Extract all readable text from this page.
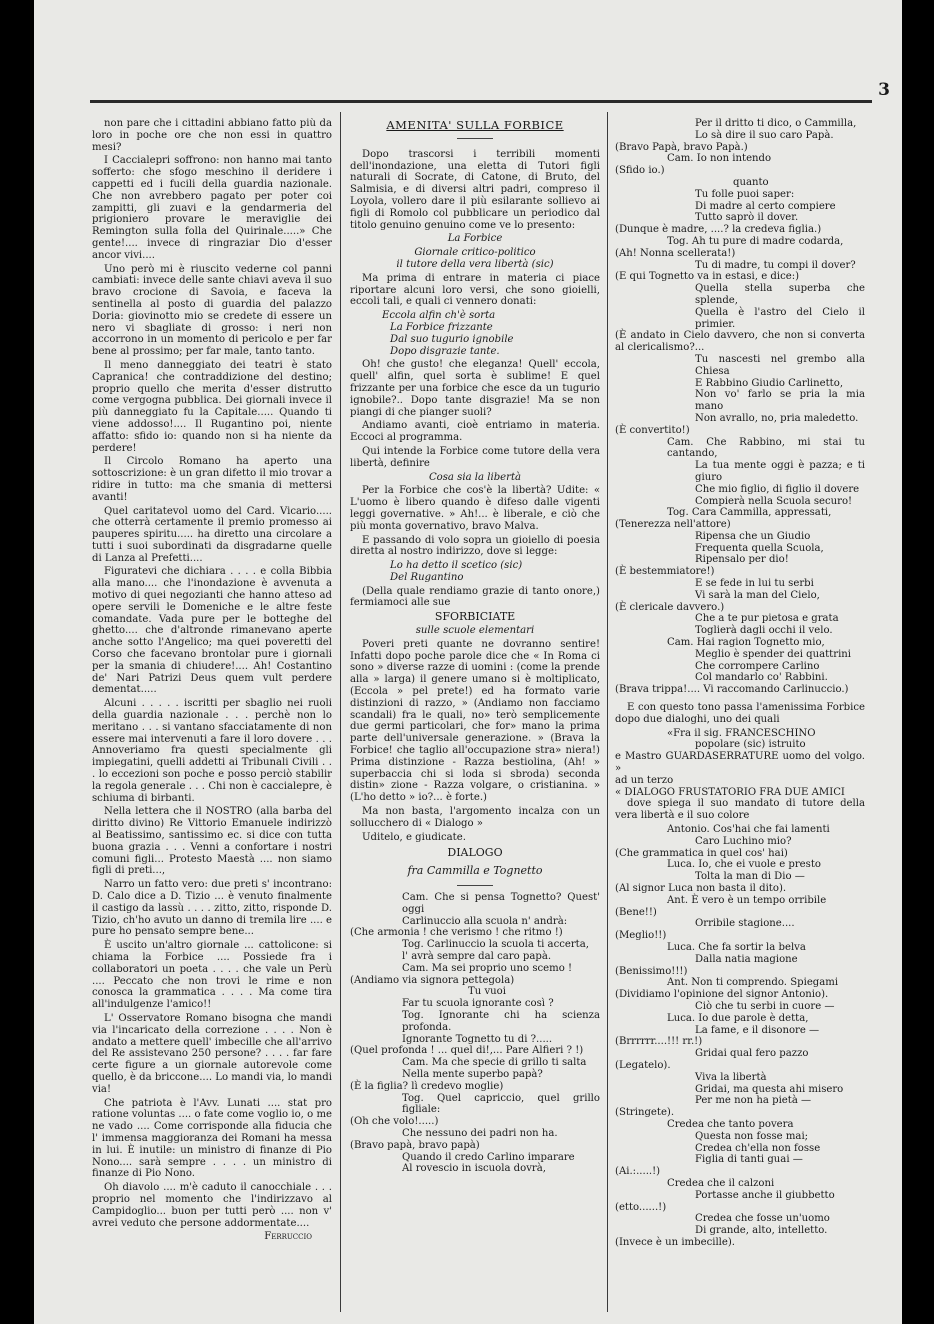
3

non pare che i cittadini abbiano fatto più da loro in poche ore che non essi in quattro mesi?

I Caccialepri soffrono: non hanno mai tanto sofferto: che sfogo meschino il deridere i cappetti ed i fucili della guardia nazionale. Che non avrebbero pagato per poter coi zampitti, gli zuavi e la gendarmeria del prigioniero provare le meraviglie dei Remington sulla folla del Quirinale.....» Che gente!.... invece di ringraziar Dio d'esser ancor vivi....

Uno però mi è riuscito vederne col panni cambiati: invece delle sante chiavi aveva il suo bravo crocione di Savoia, e faceva la sentinella al posto di guardia del palazzo Doria: giovinotto mio se credete di essere un nero vi sbagliate di grosso: i neri non accorrono in un momento di pericolo e per far bene al prossimo; per far male, tanto tanto.

Il meno danneggiato dei teatri è stato Capranica! che contraddizione del destino; proprio quello che merita d'esser distrutto come vergogna pubblica. Dei giornali invece il più danneggiato fu la Capitale..... Quando ti viene addosso!.... Il Rugantino poi, niente affatto: sfido io: quando non si ha niente da perdere!

Il Circolo Romano ha aperto una sottoscrizione: è un gran difetto il mio trovar a ridire in tutto: ma che smania di mettersi avanti!

Quel caritatevol uomo del Card. Vicario..... che otterrà certamente il premio promesso ai pauperes spiritu..... ha diretto una circolare a tutti i suoi subordinati da disgradarne quelle di Lanza al Prefetti....

Figuratevi che dichiara . . . . e colla Bibbia alla mano.... che l'inondazione è avvenuta a motivo di quei negozianti che hanno atteso ad opere servili le Domeniche e le altre feste comandate. Vada pure per le botteghe del ghetto.... che d'altronde rimanevano aperte anche sotto l'Angelico; ma quei poveretti del Corso che facevano brontolar pure i giornali per la smania di chiudere!.... Ah! Costantino de' Nari Patrizi Deus quem vult perdere dementat.....

Alcuni . . . . . iscritti per sbaglio nei ruoli della guardia nazionale . . . perchè non lo meritano . . . si vantano sfacciatamente di non essere mai intervenuti a fare il loro dovere . . . Annoveriamo fra questi specialmente gli impiegatini, quelli addetti ai Tribunali Civili . . . lo eccezioni son poche e posso perciò stabilir la regola generale . . . Chi non è caccialepre, è schiuma di birbanti.

Nella lettera che il NOSTRO (alla barba del diritto divino) Re Vittorio Emanuele indirizzò al Beatissimo, santissimo ec. si dice con tutta buona grazia . . . Venni a confortare i nostri comuni figli... Protesto Maestà .... non siamo figli di preti...,

Narro un fatto vero: due preti s' incontrano: D. Calo dice a D. Tizio ... è venuto finalmente il castigo da lassù . . . . zitto, zitto, risponde D. Tizio, ch'ho avuto un danno di tremila lire .... e pure ho pensato sempre bene...

È uscito un'altro giornale ... cattolicone: si chiama la Forbice .... Possiede fra i collaboratori un poeta . . . . che vale un Perù .... Peccato che non trovi le rime e non conosca la grammatica . . . . Ma come tira all'indulgenze l'amico!!

L' Osservatore Romano bisogna che mandi via l'incaricato della correzione . . . . Non è andato a mettere quell' imbecille che all'arrivo del Re assistevano 250 persone? . . . . far fare certe figure a un giornale autorevole come quello, è da briccone.... Lo mandi via, lo mandi via!

Che patriota è l'Avv. Lunati .... stat pro ratione voluntas .... o fate come voglio io, o me ne vado .... Come corrisponde alla fiducia che l' immensa maggioranza dei Romani ha messa in lui. È inutile: un ministro di finanze di Pio Nono.... sarà sempre . . . . un ministro di finanze di Pio Nono.

Oh diavolo .... m'è caduto il canocchiale . . . proprio nel momento che l'indirizzavo al Campidoglio... buon per tutti però .... non v' avrei veduto che persone addormentate....

Ferruccio

AMENITA' SULLA FORBICE

Dopo trascorsi i terribili momenti dell'inondazione, una eletta di Tutori figli naturali di Socrate, di Catone, di Bruto, del Salmisia, e di diversi altri padri, compreso il Loyola, vollero dare il più esilarante sollievo ai figli di Romolo col pubblicare un periodico dal titolo genuino genuino come ve lo presento:

La Forbice

Giornale critico-politico

il tutore della vera libertà (sic)

Ma prima di entrare in materia ci piace riportare alcuni loro versi, che sono gioielli, eccoli tali, e quali ci vennero donati:

Eccola alfin ch'è sorta

La Forbice frizzante

Dal suo tugurio ignobile

Dopo disgrazie tante.

Oh! che gusto! che eleganza! Quell' eccola, quell' alfin, quel sorta è sublime! E quel frizzante per una forbice che esce da un tugurio ignobile?.. Dopo tante disgrazie! Ma se non piangi di che pianger suoli?

Andiamo avanti, cioè entriamo in materia. Eccoci al programma.

Qui intende la Forbice come tutore della vera libertà, definire

Cosa sia la libertà

Per la Forbice che cos'è la libertà? Udite: « L'uomo è libero quando è difeso dalle vigenti leggi governative. » Ah!... è liberale, e ciò che più monta governativo, bravo Malva.

E passando di volo sopra un gioiello di poesia diretta al nostro indirizzo, dove si legge:

Lo ha detto il scetico (sic)

Del Rugantino

(Della quale rendiamo grazie di tanto onore,) fermiamoci alle sue

SFORBICIATE

sulle scuole elementari

Poveri preti quante ne dovranno sentire! Infatti dopo poche parole dice che « In Roma ci sono » diverse razze di uomini : (come la prende alla » larga) il genere umano si è moltiplicato, (Eccola » pel prete!) ed ha formato varie distinzioni di razzo, » (Andiamo non facciamo scandali) fra le quali, no» terò semplicemente due germi particolari, che for» mano la prima parte dell'universale generazione. » (Brava la Forbice! che taglio all'occupazione stra» niera!) Prima distinzione - Razza bestiolina, (Ah! » superbaccia chi si loda si sbroda) seconda distin» zione - Razza volgare, o cristianina. » (L'ho detto » io?... è forte.)

Ma non basta, l'argomento incalza con un sollucchero di « Dialogo »

Uditelo, e giudicate.

DIALOGO

fra Cammilla e Tognetto

Cam. Che si pensa Tognetto? Quest' oggi

Carlinuccio alla scuola n' andrà:

(Che armonia ! che verismo ! che ritmo !)

Tog. Carlinuccio la scuola ti accerta,

l' avrà sempre dal caro papà.

Cam. Ma sei proprio uno scemo !

(Andiamo via signora pettegola)

Tu vuoi

Far tu scuola ignorante così ?

Tog. Ignorante chi ha scienza profonda.

Ignorante Tognetto tu di ?.....

(Quel profonda ! ... quel di!,... Pare Alfieri ? !)

Cam. Ma che specie di grillo ti salta

Nella mente superbo papà?

(È la figlia? lì credevo moglie)

Tog. Quel capriccio, quel grillo figliale:

(Oh che volo!.....)

Che nessuno dei padri non ha.

(Bravo papà, bravo papà)

Quando il credo Carlino imparare

Al rovescio in iscuola dovrà,

Per il dritto ti dico, o Cammilla,

Lo sà dire il suo caro Papà.

(Bravo Papà, bravo Papà.)

Cam. Io non intendo

(Sfido io.)

quanto

Tu folle puoi saper:

Di madre al certo compiere

Tutto saprò il dover.

(Dunque è madre, ....? la credeva figlia.)

Tog. Ah tu pure di madre codarda,

(Ah! Nonna scellerata!)

Tu di madre, tu compi il dover?

(E qui Tognetto va in estasi, e dice:)

Quella stella superba che splende,

Quella è l'astro del Cielo il primier.

(È andato in Cielo davvero, che non si converta al clericalismo?...

Tu nascesti nel grembo alla Chiesa

E Rabbino Giudio Carlinetto,

Non vo' farlo se pria la mia mano

Non avrallo, no, pria maledetto.

(È convertito!)

Cam. Che Rabbino, mi stai tu cantando,

La tua mente oggi è pazza; e ti giuro

Che mio figlio, di figlio il dovere

Compierà nella Scuola securo!

Tog. Cara Cammilla, appressati,

(Tenerezza nell'attore)

Ripensa che un Giudio

Frequenta quella Scuola,

Ripensalo per dio!

(È bestemmiatore!)

E se fede in lui tu serbi

Vi sarà la man del Cielo,

(È clericale davvero.)

Che a te pur pietosa e grata

Toglierà dagli occhi il velo.

Cam. Hai ragion Tognetto mio,

Meglio è spender dei quattrini

Che corrompere Carlino

Col mandarlo co' Rabbini.

(Brava trippa!.... Vi raccomando Carlinuccio.)

E con questo tono passa l'amenissima Forbice dopo due dialoghi, uno dei quali

«Fra il sig. FRANCESCHINO

popolare (sic) istruito

e Mastro GUARDASERRATURE uomo del volgo. »

ad un terzo

« DIALOGO FRUSTATORIO FRA DUE AMICI

dove spiega il suo mandato di tutore della vera libertà e il suo colore

Antonio. Cos'hai che fai lamenti

Caro Luchino mio?

(Che grammatica in quel cos' hai)

Luca. Io, che ei vuole e presto

Tolta la man di Dio —

(Al signor Luca non basta il dito).

Ant. È vero è un tempo orribile

(Bene!!)

Orribile stagione....

(Meglio!!)

Luca. Che fa sortir la belva

Dalla natia magione

(Benissimo!!!)

Ant. Non ti comprendo. Spiegami

(Dividiamo l'opinione del signor Antonio).

Ciò che tu serbi in cuore —

Luca. Io due parole è detta,

La fame, e il disonore —

(Brrrrrr....!!! rr.!)

Gridai qual fero pazzo

(Legatelo).

Viva la libertà

Gridai, ma questa ahi misero

Per me non ha pietà —

(Stringete).

Credea che tanto povera

Questa non fosse mai;

Credea ch'ella non fosse

Figlia di tanti guai —

(Ai.:.....!)

Credea che il calzoni

Portasse anche il giubbetto

(etto......!)

Credea che fosse un'uomo

Di grande, alto, intelletto.

(Invece è un imbecille).
